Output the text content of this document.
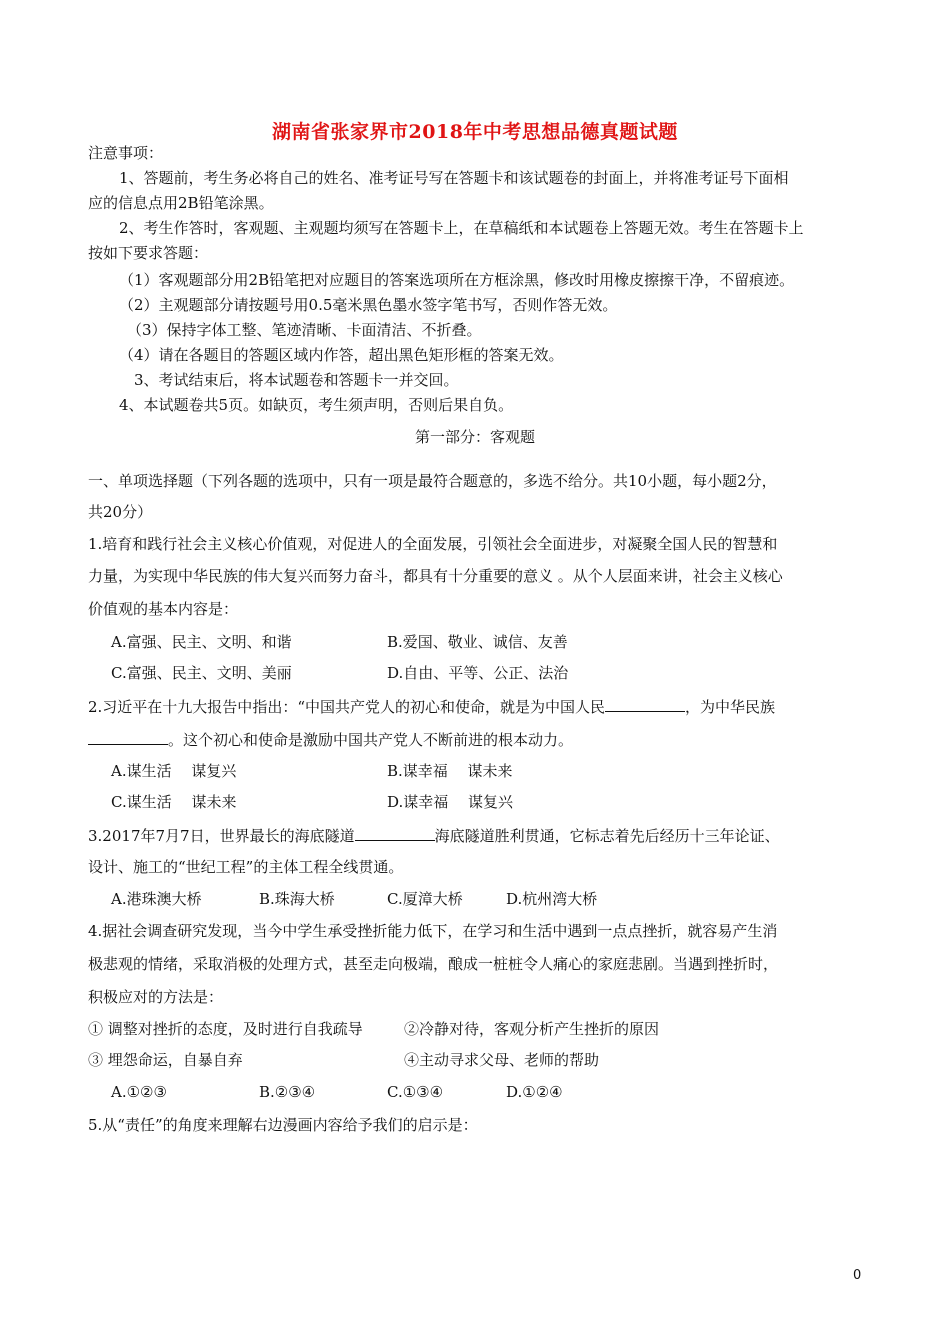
湖南省张家界市2018年中考思想品德真题试题
注意事项：
1、答题前，考生务必将自己的姓名、准考证号写在答题卡和该试题卷的封面上，并将准考证号下面相
应的信息点用2B铅笔涂黑。
2、考生作答时，客观题、主观题均须写在答题卡上，在草稿纸和本试题卷上答题无效。考生在答题卡上
按如下要求答题：
（1）客观题部分用2B铅笔把对应题目的答案选项所在方框涂黑，修改时用橡皮擦擦干净，不留痕迹。
（2）主观题部分请按题号用0.5毫米黑色墨水签字笔书写，否则作答无效。
（3）保持字体工整、笔迹清晰、卡面清洁、不折叠。
（4）请在各题目的答题区域内作答，超出黑色矩形框的答案无效。
3、考试结束后，将本试题卷和答题卡一并交回。
4、本试题卷共5页。如缺页，考生须声明，否则后果自负。
第一部分：客观题
一、单项选择题（下列各题的选项中，只有一项是最符合题意的，多选不给分。共10小题，每小题2分，
共20分）
1.培育和践行社会主义核心价值观，对促进人的全面发展，引领社会全面进步，对凝聚全国人民的智慧和
力量，为实现中华民族的伟大复兴而努力奋斗，都具有十分重要的意义 。从个人层面来讲，社会主义核心
价值观的基本内容是：
A.富强、民主、文明、和谐	B.爱国、敬业、诚信、友善
C.富强、民主、文明、美丽	D.自由、平等、公正、法治
2.习近平在十九大报告中指出：“中国共产党人的初心和使命，就是为中国人民	，为中华民族
。这个初心和使命是激励中国共产党人不断前进的根本动力。
A.谋生活　 谋复兴	B.谋幸福　 谋未来
C.谋生活　 谋未来	D.谋幸福　 谋复兴
3.2017年7月7日，世界最长的海底隧道	海底隧道胜利贯通，它标志着先后经历十三年论证、
设计、施工的“世纪工程”的主体工程全线贯通。
A.港珠澳大桥	B.珠海大桥	C.厦漳大桥	D.杭州湾大桥
4.据社会调查研究发现，当今中学生承受挫折能力低下，在学习和生活中遇到一点点挫折，就容易产生消
极悲观的情绪，采取消极的处理方式，甚至走向极端，酿成一桩桩令人痛心的家庭悲剧。当遇到挫折时，
积极应对的方法是：
① 调整对挫折的态度，及时进行自我疏导	②冷静对待，客观分析产生挫折的原因
③ 埋怨命运，自暴自弃	④主动寻求父母、老师的帮助
A.①②③	B.②③④	C.①③④	D.①②④
5.从“责任”的角度来理解右边漫画内容给予我们的启示是：
0
